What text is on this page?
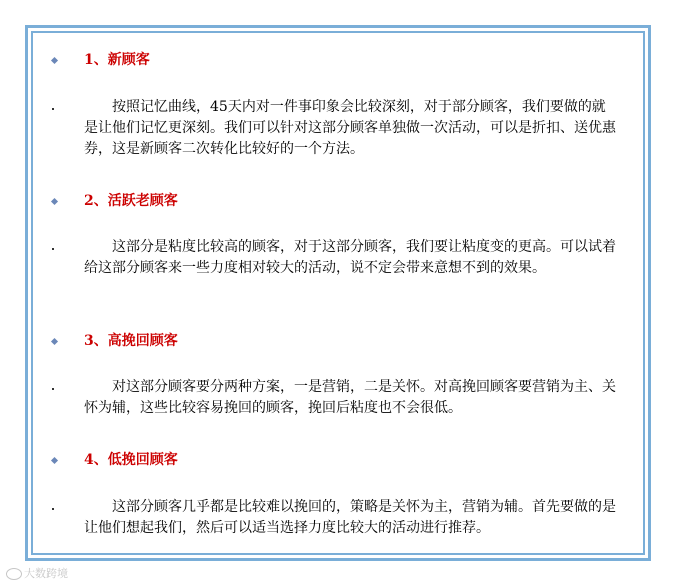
1、新顾客
按照记忆曲线，45天内对一件事印象会比较深刻，对于部分顾客，我们要做的就是让他们记忆更深刻。我们可以针对这部分顾客单独做一次活动，可以是折扣、送优惠券，这是新顾客二次转化比较好的一个方法。
2、活跃老顾客
这部分是粘度比较高的顾客，对于这部分顾客，我们要让粘度变的更高。可以试着给这部分顾客来一些力度相对较大的活动，说不定会带来意想不到的效果。
3、高挽回顾客
对这部分顾客要分两种方案，一是营销，二是关怀。对高挽回顾客要营销为主、关怀为辅，这些比较容易挽回的顾客，挽回后粘度也不会很低。
4、低挽回顾客
这部分顾客几乎都是比较难以挽回的，策略是关怀为主，营销为辅。首先要做的是让他们想起我们，然后可以适当选择力度比较大的活动进行推荐。
大数跨境
